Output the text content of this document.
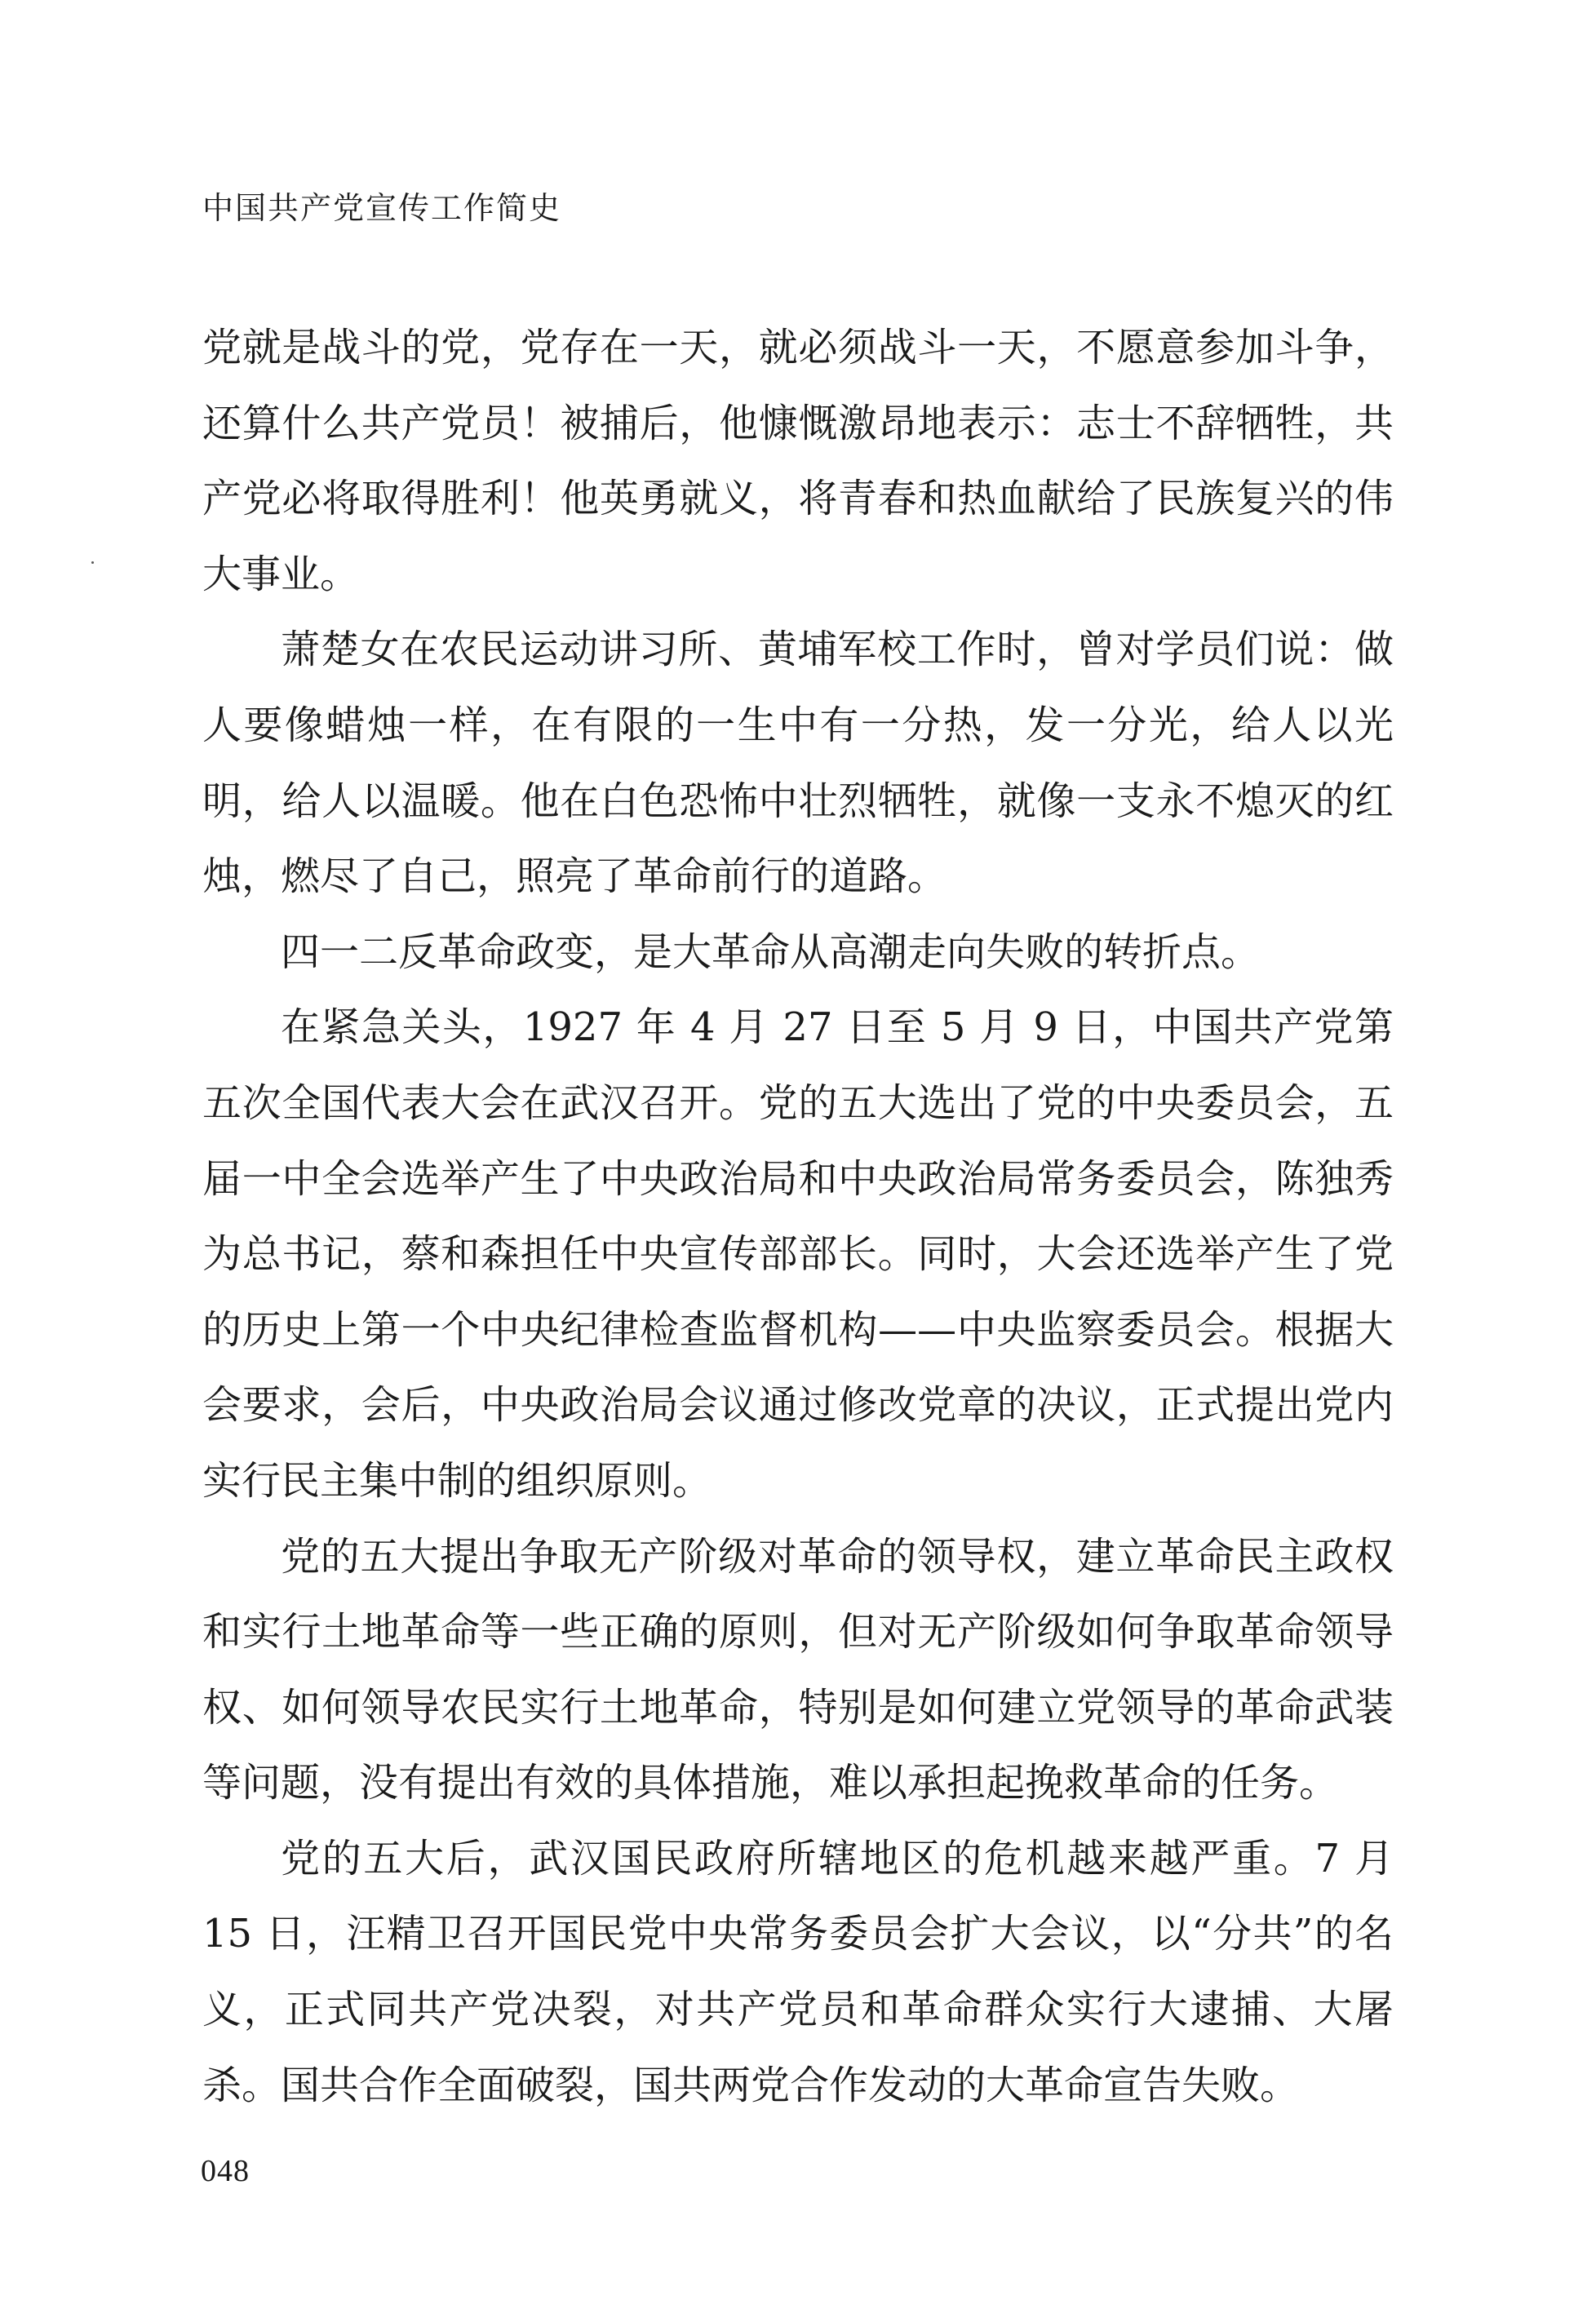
中国共产党宣传工作简史

党就是战斗的党，党存在一天，就必须战斗一天，不愿意参加斗争，还算什么共产党员！被捕后，他慷慨激昂地表示：志士不辞牺牲，共产党必将取得胜利！他英勇就义，将青春和热血献给了民族复兴的伟大事业。

萧楚女在农民运动讲习所、黄埔军校工作时，曾对学员们说：做人要像蜡烛一样，在有限的一生中有一分热，发一分光，给人以光明，给人以温暖。他在白色恐怖中壮烈牺牲，就像一支永不熄灭的红烛，燃尽了自己，照亮了革命前行的道路。

四一二反革命政变，是大革命从高潮走向失败的转折点。

在紧急关头，1927 年 4 月 27 日至 5 月 9 日，中国共产党第五次全国代表大会在武汉召开。党的五大选出了党的中央委员会，五届一中全会选举产生了中央政治局和中央政治局常务委员会，陈独秀为总书记，蔡和森担任中央宣传部部长。同时，大会还选举产生了党的历史上第一个中央纪律检查监督机构——中央监察委员会。根据大会要求，会后，中央政治局会议通过修改党章的决议，正式提出党内实行民主集中制的组织原则。

党的五大提出争取无产阶级对革命的领导权，建立革命民主政权和实行土地革命等一些正确的原则，但对无产阶级如何争取革命领导权、如何领导农民实行土地革命，特别是如何建立党领导的革命武装等问题，没有提出有效的具体措施，难以承担起挽救革命的任务。

党的五大后，武汉国民政府所辖地区的危机越来越严重。7 月 15 日，汪精卫召开国民党中央常务委员会扩大会议，以“分共”的名义，正式同共产党决裂，对共产党员和革命群众实行大逮捕、大屠杀。国共合作全面破裂，国共两党合作发动的大革命宣告失败。

048
